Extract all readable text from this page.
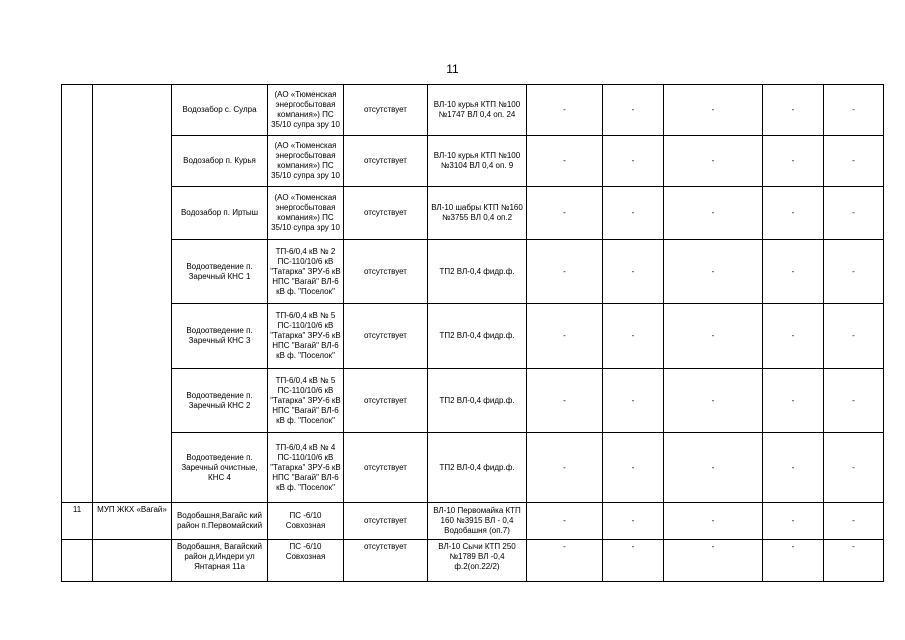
11
		Водозабор с. Сулра	(АО «Тюменская энергосбытовая компания») ПС 35/10 супра зру 10	отсутствует	ВЛ-10 курья КТП №100 №1747 ВЛ 0,4 оп. 24	-	-	-	-	-
		Водозабор п. Курья	(АО «Тюменская энергосбытовая компания») ПС 35/10 супра зру 10	отсутствует	ВЛ-10 курья КТП №100 №3104 ВЛ 0,4 оп. 9	-	-	-	-	-
		Водозабор п. Иртыш	(АО «Тюменская энергосбытовая компания») ПС 35/10 супра зру 10	отсутствует	ВЛ-10 шабры КТП №160 №3755 ВЛ 0,4 оп.2	-	-	-	-	-
		Водоотведение п. Заречный КНС 1	ТП-6/0,4 кВ № 2 ПС-110/10/6 кВ "Татарка" ЗРУ-6 кВ НПС "Вагай" ВЛ-6 кВ ф. "Поселок"	отсутствует	ТП2 ВЛ-0,4 фидр.ф.	-	-	-	-	-
		Водоотведение п. Заречный КНС 3	ТП-6/0,4 кВ № 5 ПС-110/10/6 кВ "Татарка" ЗРУ-6 кВ НПС "Вагай" ВЛ-6 кВ ф. "Поселок"	отсутствует	ТП2 ВЛ-0,4 фидр.ф.	-	-	-	-	-
		Водоотведение п. Заречный КНС 2	ТП-6/0,4 кВ № 5 ПС-110/10/6 кВ "Татарка" ЗРУ-6 кВ НПС "Вагай" ВЛ-6 кВ ф. "Поселок"	отсутствует	ТП2 ВЛ-0,4 фидр.ф.	-	-	-	-	-
		Водоотведение п. Заречный очистные, КНС 4	ТП-6/0,4 кВ № 4 ПС-110/10/6 кВ "Татарка" ЗРУ-6 кВ НПС "Вагай" ВЛ-6 кВ ф. "Поселок"	отсутствует	ТП2 ВЛ-0,4 фидр.ф.	-	-	-	-	-
11	МУП ЖКХ «Вагай»	Водобашня,Вагайс кий район п.Первомайский	ПС -6/10 Совхозная	отсутствует	ВЛ-10 Первомайка КТП 160 №3915 ВЛ - 0,4 Водобашня (оп.7)	-	-	-	-	-
		Водобашня, Вагайский район д.Индери ул Янтарная 11а	ПС -6/10 Совхозная	отсутствует	ВЛ-10 Сычи КТП 250 №1789 ВЛ -0,4 ф.2(оп.22/2)	-	-	-	-	-
